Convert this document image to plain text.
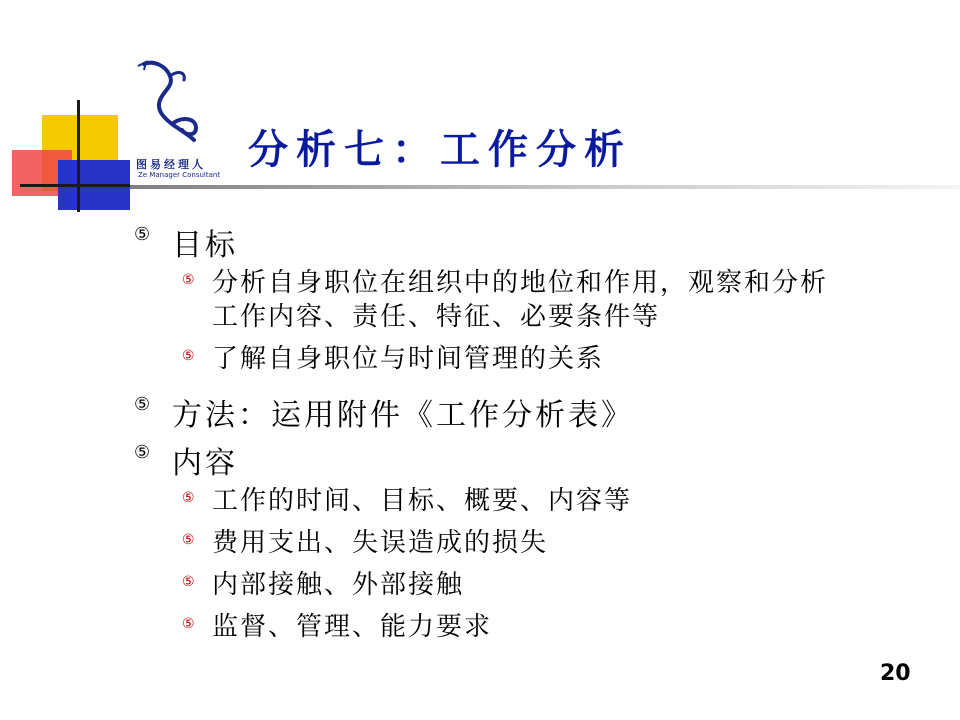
图易经理人
Ze Manager Consultant
分析七：工作分析
⑤ 目标
⑤ 分析自身职位在组织中的地位和作用，观察和分析
工作内容、责任、特征、必要条件等
⑤ 了解自身职位与时间管理的关系
⑤ 方法：运用附件《工作分析表》
⑤ 内容
⑤ 工作的时间、目标、概要、内容等
⑤ 费用支出、失误造成的损失
⑤ 内部接触、外部接触
⑤ 监督、管理、能力要求
20
